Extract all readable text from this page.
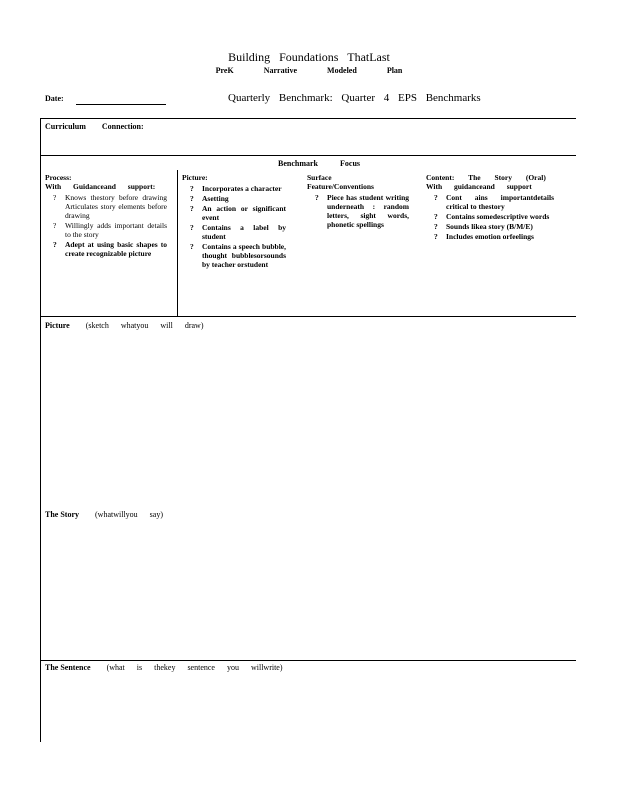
Building Foundations ThatLast
PreK	Narrative	Modeled	Plan
Date:	Quarterly Benchmark: Quarter 4 EPS Benchmarks
Curriculum Connection:
Benchmark Focus
Process:
With Guidanceand support:
? Knows thestory before drawing Articulates story elements before drawing
? Willingly adds important details to the story
? Adept at using basic shapes to create recognizable picture
Picture:
? Incorporates a character
? Asetting
? An action or significant event
? Contains a label by student
? Contains a speech bubble, thought bubblesorsounds by teacher orstudent
Surface
Feature/Conventions
? Piece has student writing underneath : random letters, sight words, phonetic spellings
Content: The Story (Oral)
With guidanceand support
? Cont ains importantdetails critical to thestory
? Contains somedescriptive words
? Sounds likea story (B/M/E)
? Includes emotion orfeelings
Picture (sketch whatyou will draw)
The Story (whatwillyou say)
The Sentence (what is thekey sentence you willwrite)
